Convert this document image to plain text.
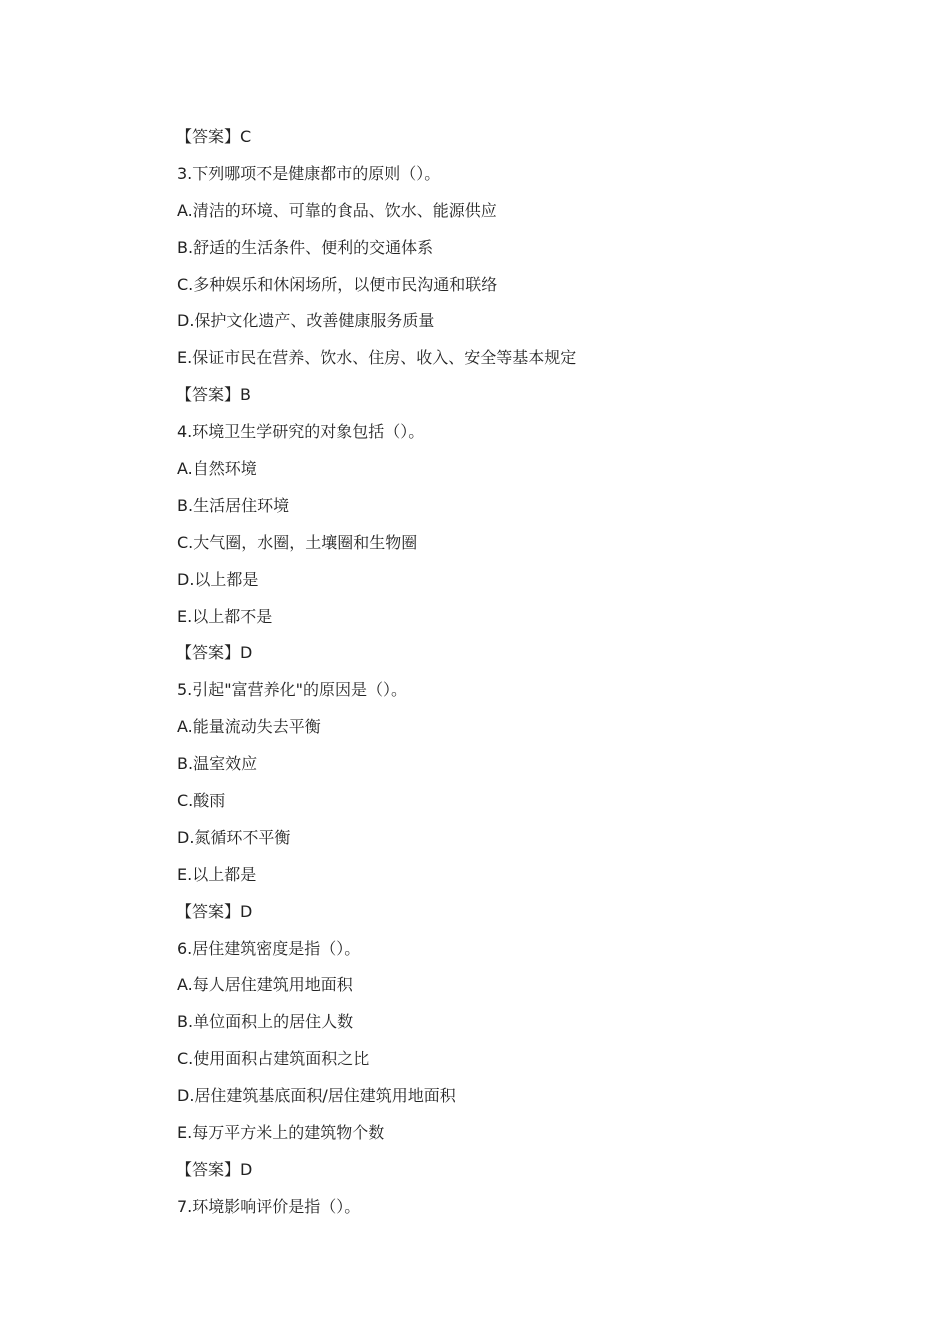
【答案】C
3.下列哪项不是健康都市的原则（）。
A.清洁的环境、可靠的食品、饮水、能源供应
B.舒适的生活条件、便利的交通体系
C.多种娱乐和休闲场所，以便市民沟通和联络
D.保护文化遗产、改善健康服务质量
E.保证市民在营养、饮水、住房、收入、安全等基本规定
【答案】B
4.环境卫生学研究的对象包括（）。
A.自然环境
B.生活居住环境
C.大气圈，水圈，土壤圈和生物圈
D.以上都是
E.以上都不是
【答案】D
5.引起"富营养化"的原因是（）。
A.能量流动失去平衡
B.温室效应
C.酸雨
D.氮循环不平衡
E.以上都是
【答案】D
6.居住建筑密度是指（）。
A.每人居住建筑用地面积
B.单位面积上的居住人数
C.使用面积占建筑面积之比
D.居住建筑基底面积/居住建筑用地面积
E.每万平方米上的建筑物个数
【答案】D
7.环境影响评价是指（）。
